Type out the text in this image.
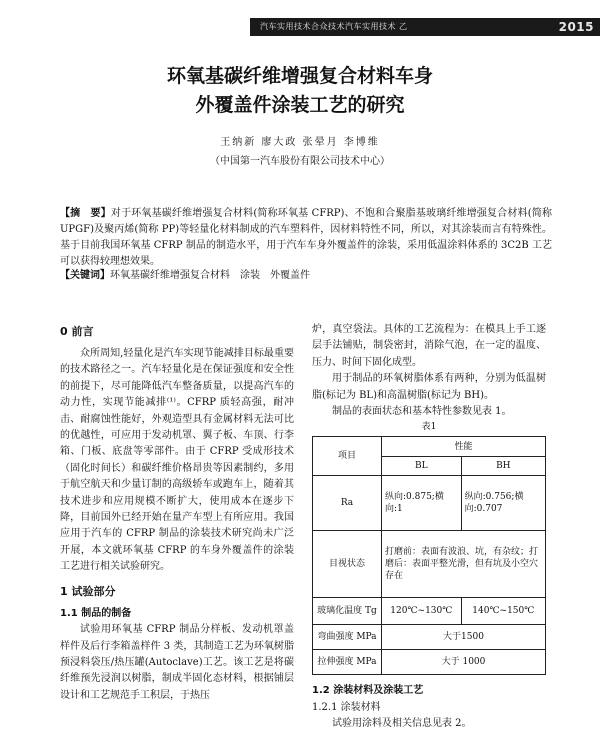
汽车实用技术合众技术汽车实用技术 乙	2015
环氧基碳纤维增强复合材料车身
外覆盖件涂装工艺的研究
王纳新 廖大政 张晕月 李博维
（中国第一汽车股份有限公司技术中心）

【摘　要】对于环氧基碳纤维增强复合材料(简称环氧基 CFRP)、不饱和合聚脂基玻璃纤维增强复合材料(简称 UPGF)及聚丙烯(简称 PP)等轻量化材料制成的汽车塑料件，因材料特性不同，所以，对其涂装而言有特殊性。基于目前我国环氧基 CFRP 制品的制造水平，用于汽车车身外覆盖件的涂装，采用低温涂料体系的 3C2B 工艺可以获得较理想效果。

【关键词】环氧基碳纤维增强复合材料　涂装　外覆盖件
0 前言

众所周知,轻量化是汽车实现节能减排目标最重要的技术路径之一。汽车轻量化是在保证强度和安全性的前提下，尽可能降低汽车整备质量，以提高汽车的动力性，实现节能减排⁽¹⁾。CFRP 质轻高强，耐冲击、耐腐蚀性能好，外观造型具有金属材料无法可比的优越性，可应用于发动机罩、翼子板、车顶、行李箱、门板、底盘等零部件。由于 CFRP 受成形技术（固化时间长）和碳纤维价格昂贵等因素制约，多用于航空航天和少量订制的高级轿车或跑车上，随着其技术进步和应用规模不断扩大，使用成本在逐步下降，目前国外已经开始在量产车型上有所应用。我国应用于汽车的 CFRP 制品的涂装技术研究尚未广泛开展，本文就环氧基 CFRP 的车身外覆盖件的涂装工艺进行相关试验研究。

1 试验部分
1.1 制品的制备

试验用环氧基 CFRP 制品分样板、发动机罩盖样件及后行李箱盖样件 3 类，其制造工艺为环氧树脂预浸料袋压/热压罐(Autoclave)工艺。该工艺是将碳纤维预先浸润以树脂，制成半固化态材料，根据铺层设计和工艺规范手工积层，于热压

炉，真空袋法。具体的工艺流程为：在模具上手工逐层手法铺贴，制袋密封，消除气泡，在一定的温度、压力、时间下固化成型。

用于制品的环氧树脂体系有两种，分别为低温树脂(标记为 BL)和高温树脂(标记为 BH)。

制品的表面状态和基本特性参数见表 1。

表1
项目	性能	
	BL	BH
Ra	纵向:0.875;横向:1	纵向:0.756;横向:0.707
目视状态	打磨前：表面有波浪、坑，有杂纹；打磨后：表面平整光滑，但有坑及小空穴存在	
玻璃化温度 Tg	120℃~130℃	140℃~150℃
弯曲强度 MPa	大于1500	
拉伸强度 MPa	大于 1000	
1.2 涂装材料及涂装工艺
1.2.1 涂装材料

试验用涂料及相关信息见表 2。
